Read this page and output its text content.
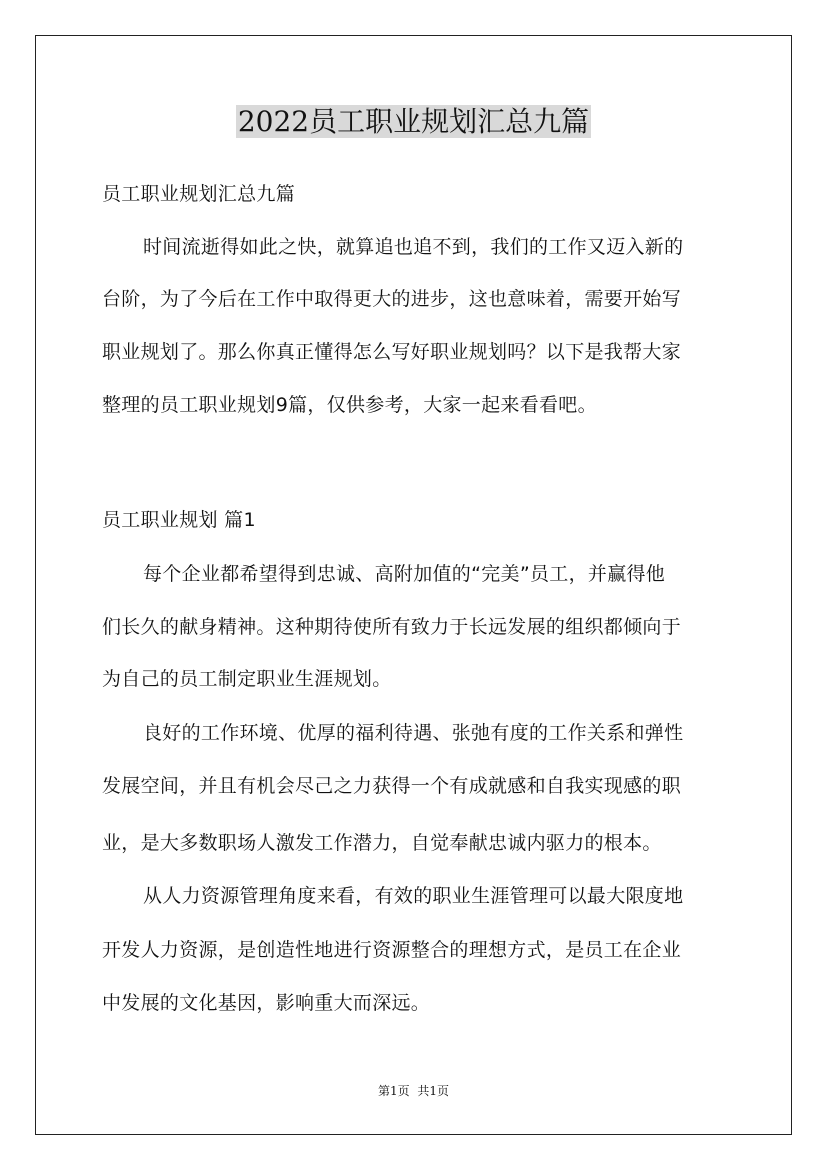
2022员工职业规划汇总九篇
员工职业规划汇总九篇
时间流逝得如此之快，就算追也追不到，我们的工作又迈入新的
台阶，为了今后在工作中取得更大的进步，这也意味着，需要开始写
职业规划了。那么你真正懂得怎么写好职业规划吗？以下是我帮大家
整理的员工职业规划9篇，仅供参考，大家一起来看看吧。
员工职业规划 篇1
每个企业都希望得到忠诚、高附加值的“完美”员工，并赢得他
们长久的献身精神。这种期待使所有致力于长远发展的组织都倾向于
为自己的员工制定职业生涯规划。
良好的工作环境、优厚的福利待遇、张弛有度的工作关系和弹性
发展空间，并且有机会尽己之力获得一个有成就感和自我实现感的职
业，是大多数职场人激发工作潜力，自觉奉献忠诚内驱力的根本。
从人力资源管理角度来看，有效的职业生涯管理可以最大限度地
开发人力资源，是创造性地进行资源整合的理想方式，是员工在企业
中发展的文化基因，影响重大而深远。
第1页 共1页
